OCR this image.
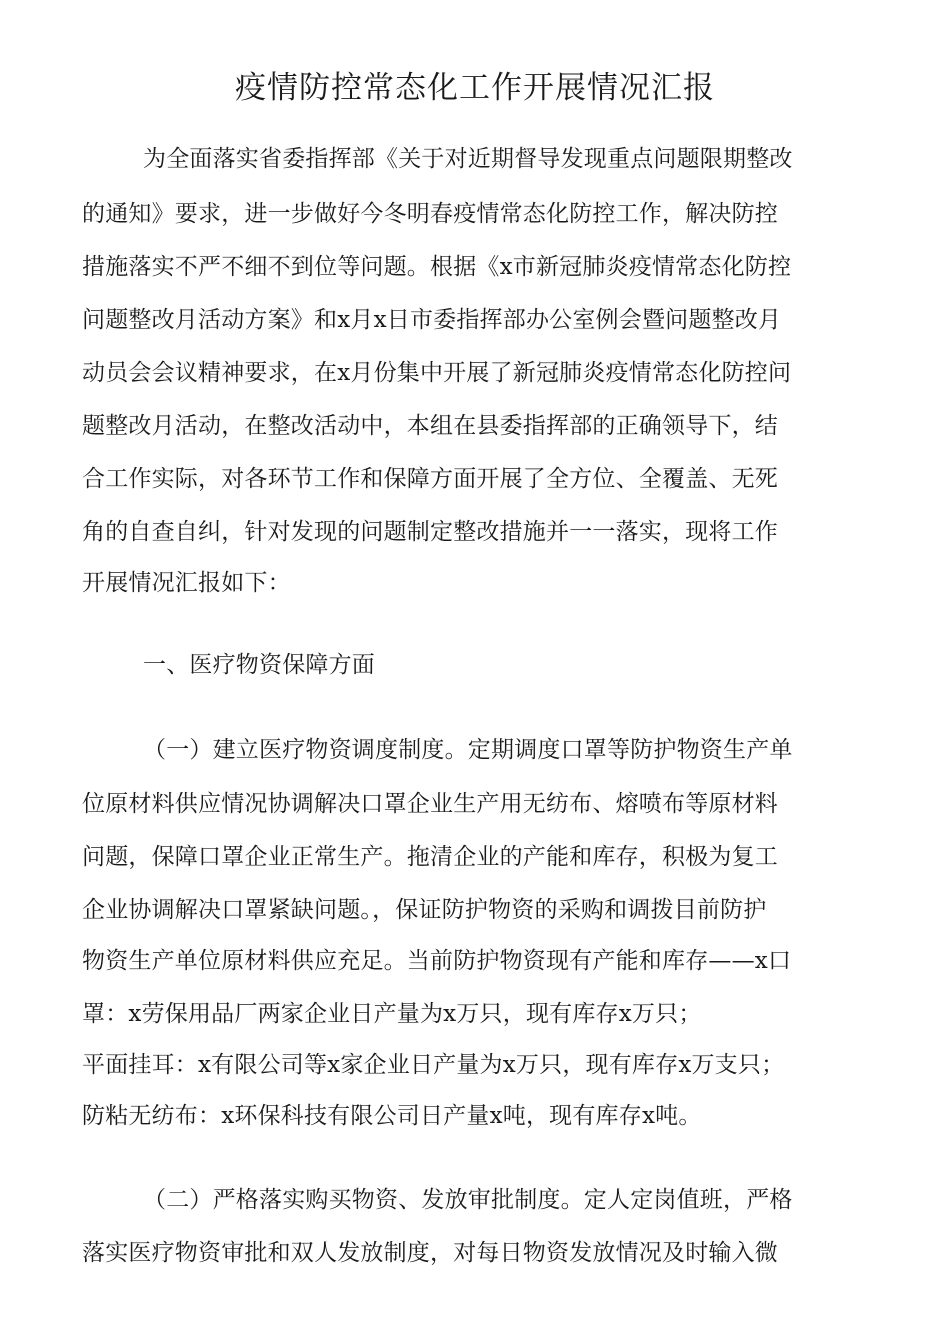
疫情防控常态化工作开展情况汇报
为全面落实省委指挥部《关于对近期督导发现重点问题限期整改
的通知》要求，进一步做好今冬明春疫情常态化防控工作，解决防控
措施落实不严不细不到位等问题。根据《x市新冠肺炎疫情常态化防控
问题整改月活动方案》和x月x日市委指挥部办公室例会暨问题整改月
动员会会议精神要求，在x月份集中开展了新冠肺炎疫情常态化防控问
题整改月活动，在整改活动中，本组在县委指挥部的正确领导下，结
合工作实际，对各环节工作和保障方面开展了全方位、全覆盖、无死
角的自查自纠，针对发现的问题制定整改措施并一一落实，现将工作
开展情况汇报如下：
一、医疗物资保障方面
（一）建立医疗物资调度制度。定期调度口罩等防护物资生产单
位原材料供应情况协调解决口罩企业生产用无纺布、熔喷布等原材料
问题，保障口罩企业正常生产。拖清企业的产能和库存，积极为复工
企业协调解决口罩紧缺问题。，保证防护物资的采购和调拨目前防护
物资生产单位原材料供应充足。当前防护物资现有产能和库存——x口
罩：x劳保用品厂两家企业日产量为x万只，现有库存x万只；
平面挂耳：x有限公司等x家企业日产量为x万只，现有库存x万支只；
防粘无纺布：x环保科技有限公司日产量x吨，现有库存x吨。
（二）严格落实购买物资、发放审批制度。定人定岗值班，严格
落实医疗物资审批和双人发放制度，对每日物资发放情况及时输入微
